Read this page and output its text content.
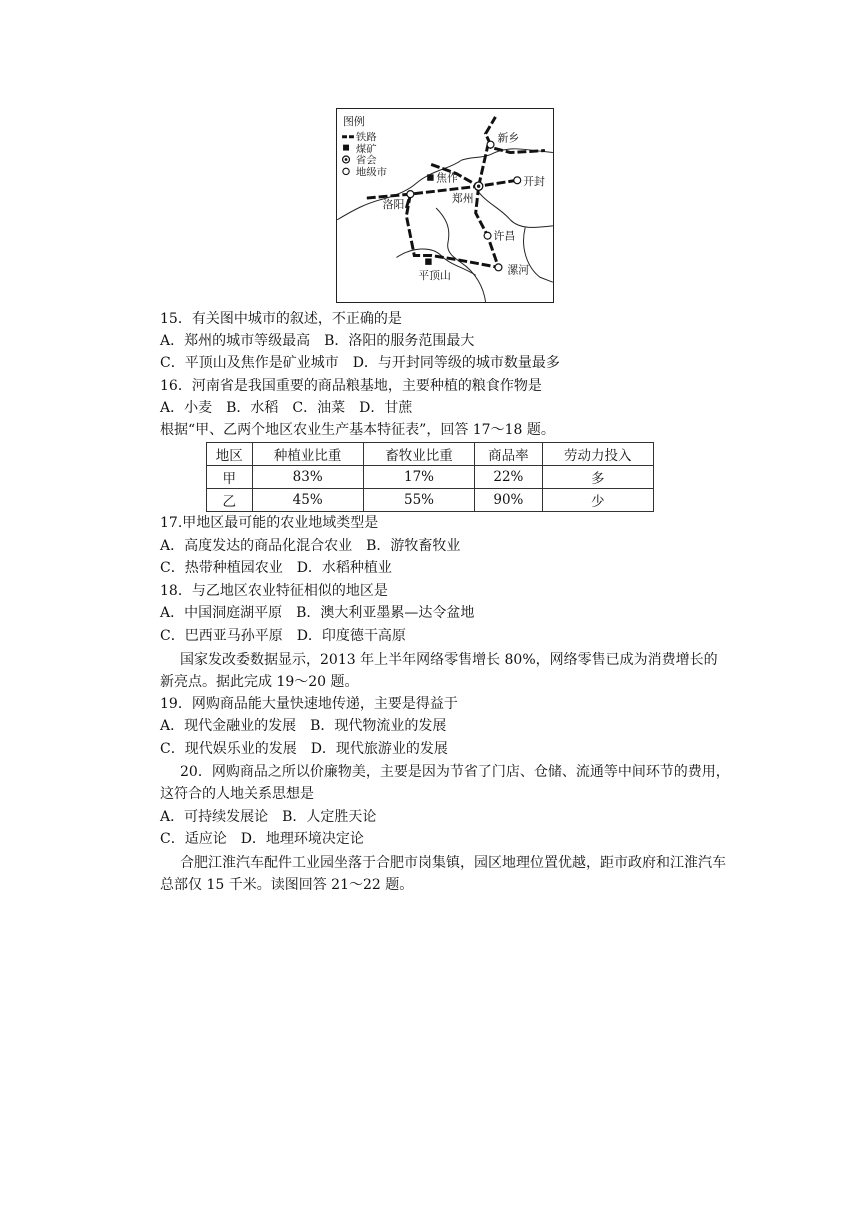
图例
铁路
煤矿
省会
地级市
新乡
焦作	开封
洛阳	郑州
许昌
平顶山	漯河
15．有关图中城市的叙述，不正确的是
A．郑州的城市等级最高　B．洛阳的服务范围最大
C．平顶山及焦作是矿业城市　D．与开封同等级的城市数量最多
16．河南省是我国重要的商品粮基地，主要种植的粮食作物是
A．小麦　B．水稻　C．油菜　D．甘蔗
根据“甲、乙两个地区农业生产基本特征表”，回答 17～18 题。
地区	种植业比重	畜牧业比重	商品率	劳动力投入
甲	83%	17%	22%	多
乙	45%	55%	90%	少
17.甲地区最可能的农业地域类型是
A．高度发达的商品化混合农业　B．游牧畜牧业
C．热带种植园农业　D．水稻种植业
18．与乙地区农业特征相似的地区是
A．中国洞庭湖平原　B．澳大利亚墨累—达令盆地
C．巴西亚马孙平原　D．印度德干高原
国家发改委数据显示，2013 年上半年网络零售增长 80%，网络零售已成为消费增长的新亮点。据此完成 19～20 题。
19．网购商品能大量快速地传递，主要是得益于
A．现代金融业的发展　B．现代物流业的发展
C．现代娱乐业的发展　D．现代旅游业的发展
20．网购商品之所以价廉物美，主要是因为节省了门店、仓储、流通等中间环节的费用，这符合的人地关系思想是
A．可持续发展论　B．人定胜天论
C．适应论　D．地理环境决定论
合肥江淮汽车配件工业园坐落于合肥市岗集镇，园区地理位置优越，距市政府和江淮汽车总部仅 15 千米。读图回答 21～22 题。
